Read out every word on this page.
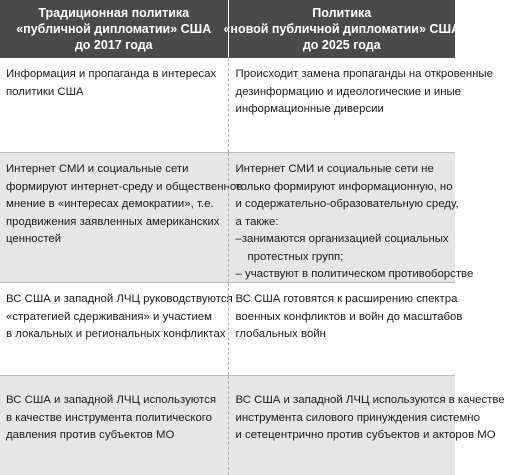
Традиционная политика
«публичной дипломатии» США
до 2017 года
Политика
«новой публичной дипломатии» США
до 2025 года
Информация и пропаганда в интересах
политики США
Происходит замена пропаганды на откровенные
дезинформацию и идеологические и иные
информационные диверсии
Интернет СМИ и социальные сети
формируют интернет-среду и общественное
мнение в «интересах демократии», т.е.
продвижения заявленных американских
ценностей
Интернет СМИ и социальные сети не
только формируют информационную, но
и содержательно-образовательную среду,
а также:
–занимаются организацией социальных
протестных групп;
– участвуют в политическом противоборстве
ВС США и западной ЛЧЦ руководствуются
«стратегией сдерживания» и участием
в локальных и региональных конфликтах
ВС США готовятся к расширению спектра
военных конфликтов и войн до масштабов
глобальных войн
ВС США и западной ЛЧЦ используются
в качестве инструмента политического
давления против субъектов МО
ВС США и западной ЛЧЦ используются в качестве
инструмента силового принуждения системно
и сетецентрично против субъектов и акторов МО
